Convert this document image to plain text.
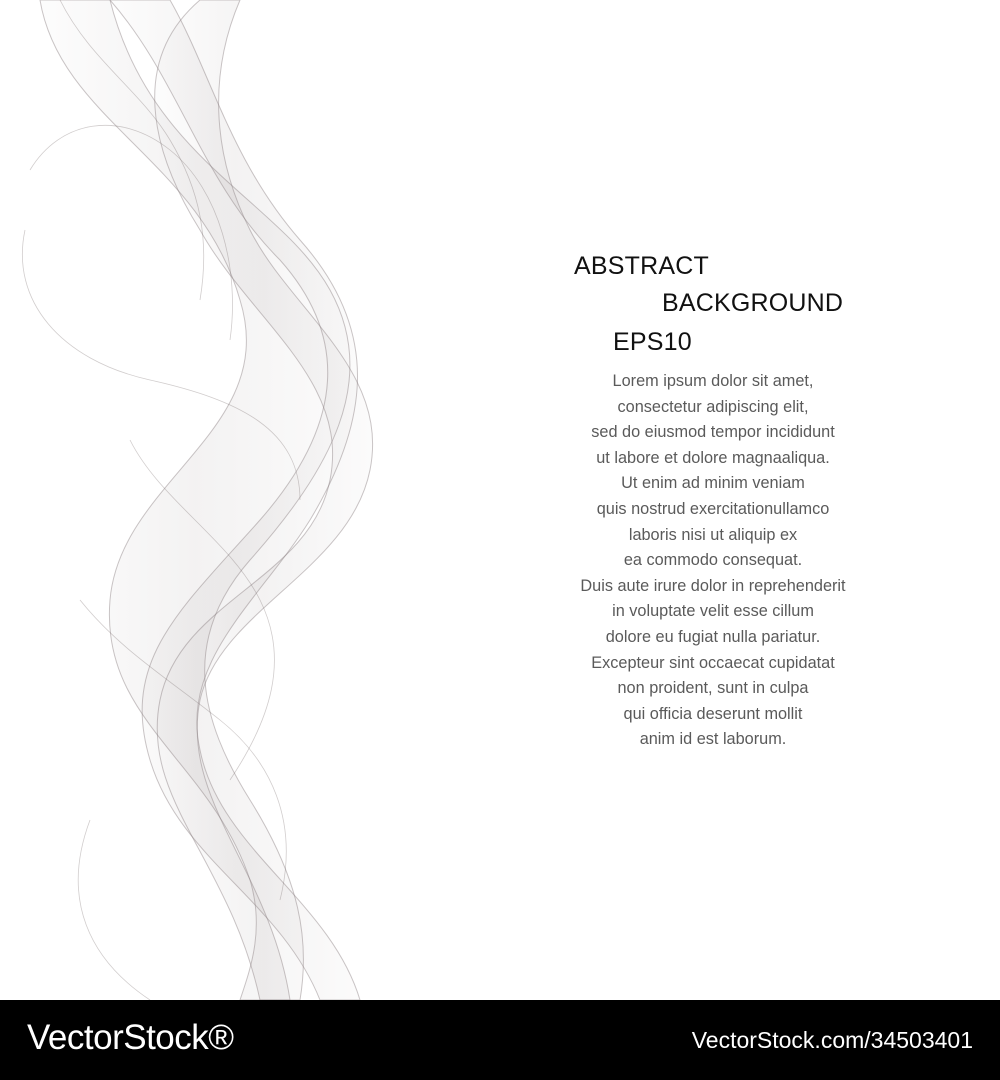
ABSTRACT
BACKGROUND
EPS10
Lorem ipsum dolor sit amet,
consectetur adipiscing elit,
sed do eiusmod tempor incididunt
ut labore et dolore magnaaliqua.
Ut enim ad minim veniam
quis nostrud exercitationullamco
laboris nisi ut aliquip ex
ea commodo consequat.
Duis aute irure dolor in reprehenderit
in voluptate velit esse cillum
dolore eu fugiat nulla pariatur.
Excepteur sint occaecat cupidatat
non proident, sunt in culpa
qui officia deserunt mollit
anim id est laborum.
VectorStock®	VectorStock.com/34503401
